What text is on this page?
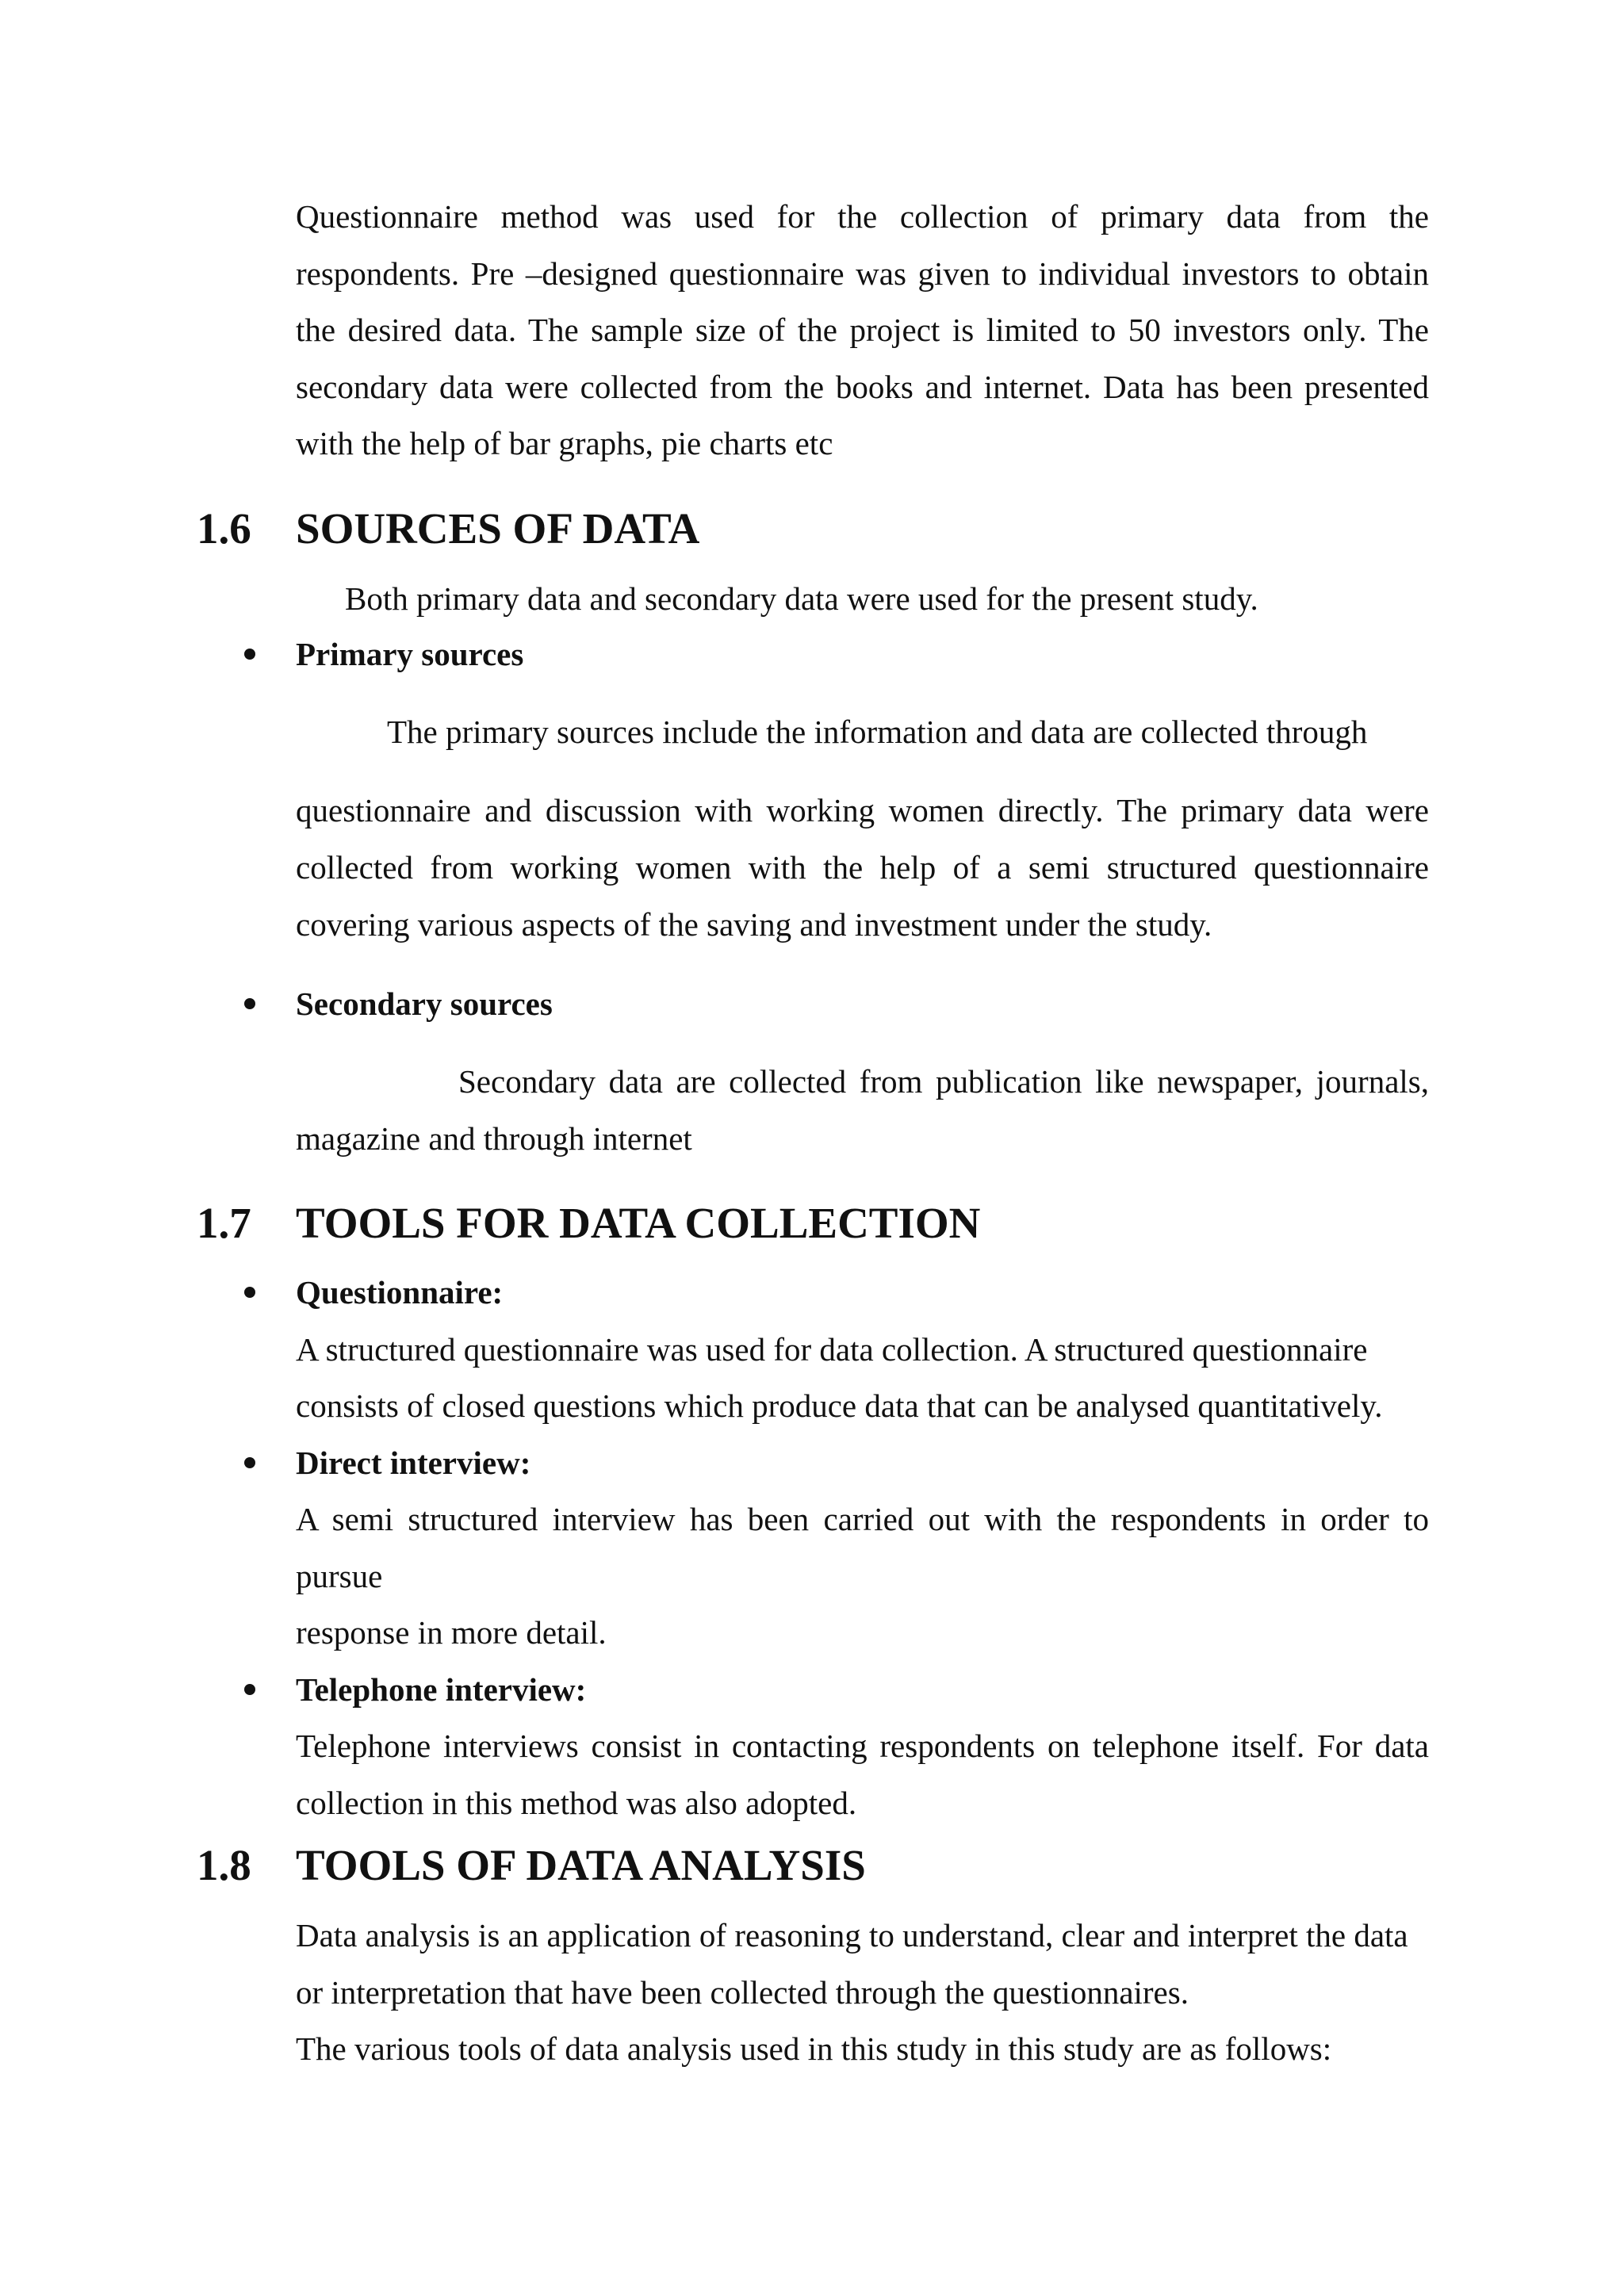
Questionnaire method was used for the collection of primary data from the
respondents. Pre –designed questionnaire was given to individual investors to obtain
the desired data. The sample size of the project is limited to 50 investors only. The
secondary data were collected from the books and internet. Data has been presented
with the help of bar graphs, pie charts etc
1.6 SOURCES OF DATA
Both primary data and secondary data were used for the present study.
Primary sources
The primary sources include the information and data are collected through
questionnaire and discussion with working women directly. The primary data were
collected from working women with the help of a semi structured questionnaire
covering various aspects of the saving and investment under the study.
Secondary sources
Secondary data are collected from publication like newspaper, journals,
magazine and through internet
1.7 TOOLS FOR DATA COLLECTION
Questionnaire:
A structured questionnaire was used for data collection. A structured questionnaire
consists of closed questions which produce data that can be analysed quantitatively.
Direct interview:
A semi structured interview has been carried out with the respondents in order to
pursue
response in more detail.
Telephone interview:
Telephone interviews consist in contacting respondents on telephone itself. For data
collection in this method was also adopted.
1.8 TOOLS OF DATA ANALYSIS
Data analysis is an application of reasoning to understand, clear and interpret the data
or interpretation that have been collected through the questionnaires.
The various tools of data analysis used in this study in this study are as follows:
